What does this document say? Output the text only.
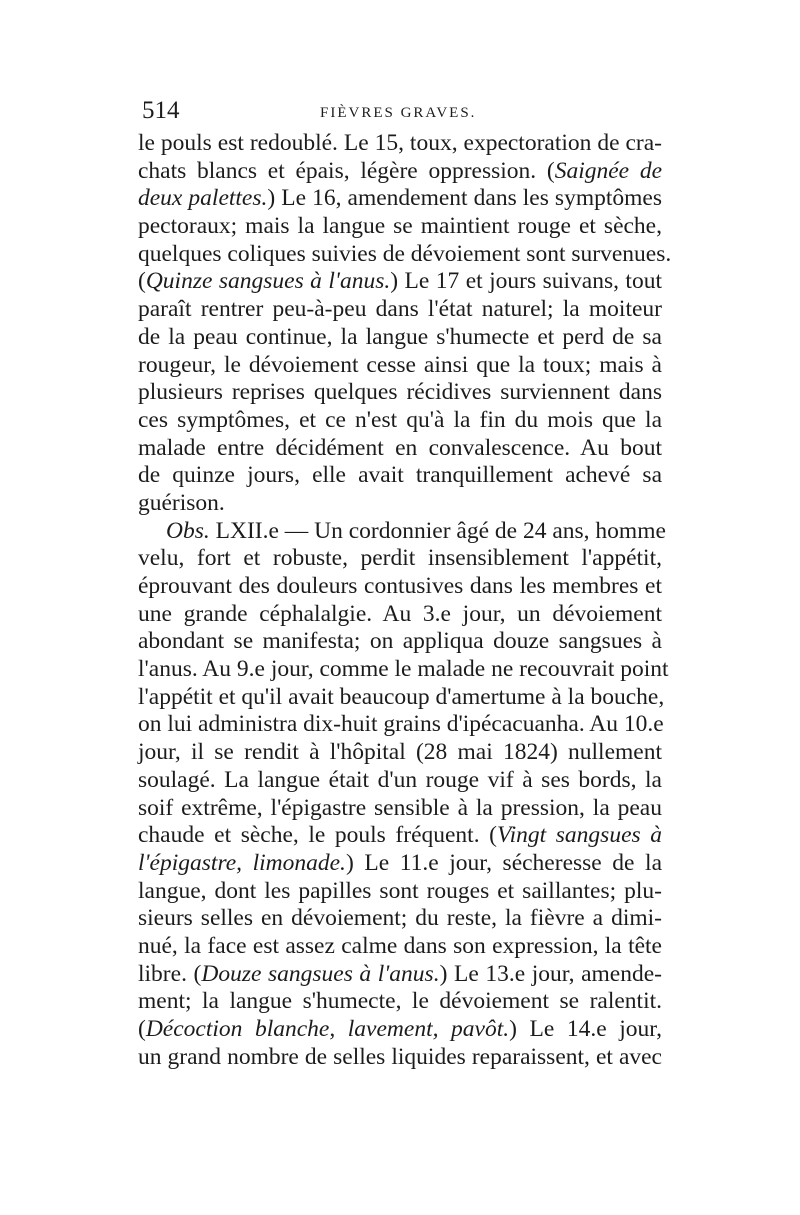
514	FIÈVRES GRAVES.
le pouls est redoublé. Le 15, toux, expectoration de cra-
chats blancs et épais, légère oppression. (Saignée de
deux palettes.) Le 16, amendement dans les symptômes
pectoraux; mais la langue se maintient rouge et sèche,
quelques coliques suivies de dévoiement sont survenues.
(Quinze sangsues à l'anus.) Le 17 et jours suivans, tout
paraît rentrer peu-à-peu dans l'état naturel; la moiteur
de la peau continue, la langue s'humecte et perd de sa
rougeur, le dévoiement cesse ainsi que la toux; mais à
plusieurs reprises quelques récidives surviennent dans
ces symptômes, et ce n'est qu'à la fin du mois que la
malade entre décidément en convalescence. Au bout
de quinze jours, elle avait tranquillement achevé sa
guérison.
Obs. LXII.e — Un cordonnier âgé de 24 ans, homme
velu, fort et robuste, perdit insensiblement l'appétit,
éprouvant des douleurs contusives dans les membres et
une grande céphalalgie. Au 3.e jour, un dévoiement
abondant se manifesta; on appliqua douze sangsues à
l'anus. Au 9.e jour, comme le malade ne recouvrait point
l'appétit et qu'il avait beaucoup d'amertume à la bouche,
on lui administra dix-huit grains d'ipécacuanha. Au 10.e
jour, il se rendit à l'hôpital (28 mai 1824) nullement
soulagé. La langue était d'un rouge vif à ses bords, la
soif extrême, l'épigastre sensible à la pression, la peau
chaude et sèche, le pouls fréquent. (Vingt sangsues à
l'épigastre, limonade.) Le 11.e jour, sécheresse de la
langue, dont les papilles sont rouges et saillantes; plu-
sieurs selles en dévoiement; du reste, la fièvre a dimi-
nué, la face est assez calme dans son expression, la tête
libre. (Douze sangsues à l'anus.) Le 13.e jour, amende-
ment; la langue s'humecte, le dévoiement se ralentit.
(Décoction blanche, lavement, pavôt.) Le 14.e jour,
un grand nombre de selles liquides reparaissent, et avec
